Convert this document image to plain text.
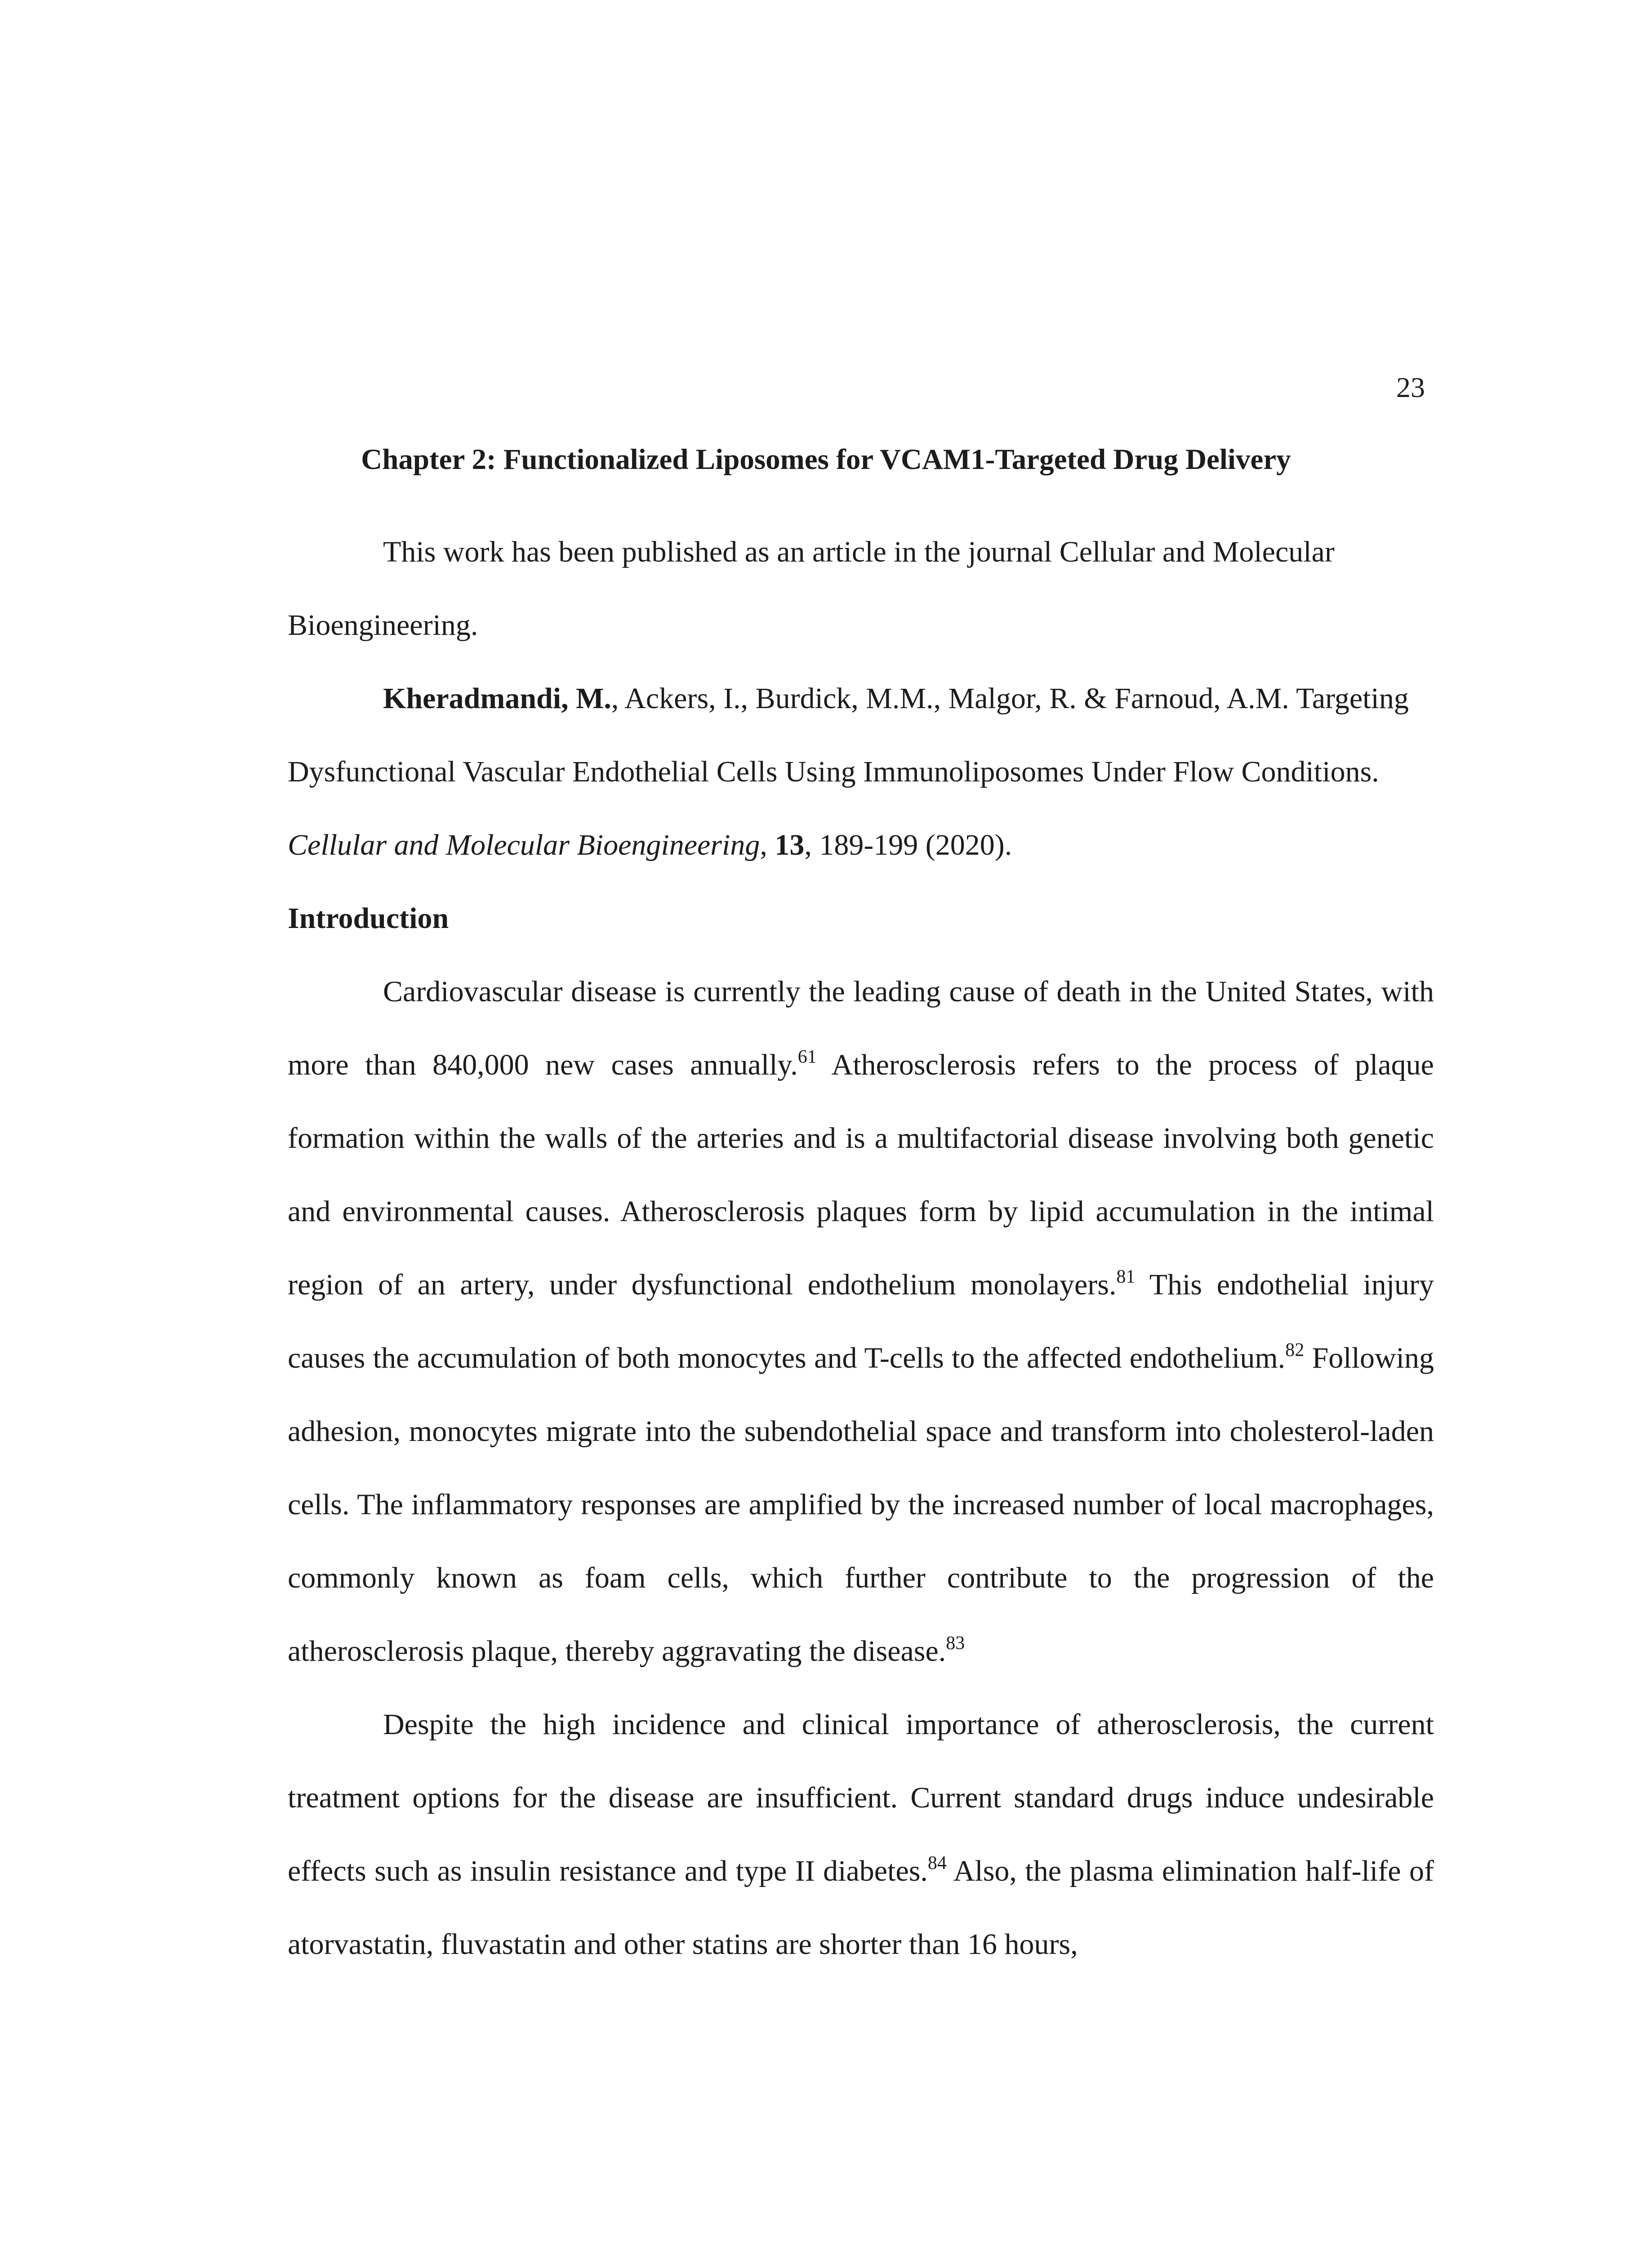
23
Chapter 2: Functionalized Liposomes for VCAM1-Targeted Drug Delivery

This work has been published as an article in the journal Cellular and Molecular Bioengineering.

Kheradmandi, M., Ackers, I., Burdick, M.M., Malgor, R. & Farnoud, A.M. Targeting Dysfunctional Vascular Endothelial Cells Using Immunoliposomes Under Flow Conditions. Cellular and Molecular Bioengineering, 13, 189-199 (2020).

Introduction

Cardiovascular disease is currently the leading cause of death in the United States, with more than 840,000 new cases annually.$^{61}$ Atherosclerosis refers to the process of plaque formation within the walls of the arteries and is a multifactorial disease involving both genetic and environmental causes. Atherosclerosis plaques form by lipid accumulation in the intimal region of an artery, under dysfunctional endothelium monolayers.$^{81}$ This endothelial injury causes the accumulation of both monocytes and T-cells to the affected endothelium.$^{82}$ Following adhesion, monocytes migrate into the subendothelial space and transform into cholesterol-laden cells. The inflammatory responses are amplified by the increased number of local macrophages, commonly known as foam cells, which further contribute to the progression of the atherosclerosis plaque, thereby aggravating the disease.$^{83}$

Despite the high incidence and clinical importance of atherosclerosis, the current treatment options for the disease are insufficient. Current standard drugs induce undesirable effects such as insulin resistance and type II diabetes.$^{84}$ Also, the plasma elimination half-life of atorvastatin, fluvastatin and other statins are shorter than 16 hours,
